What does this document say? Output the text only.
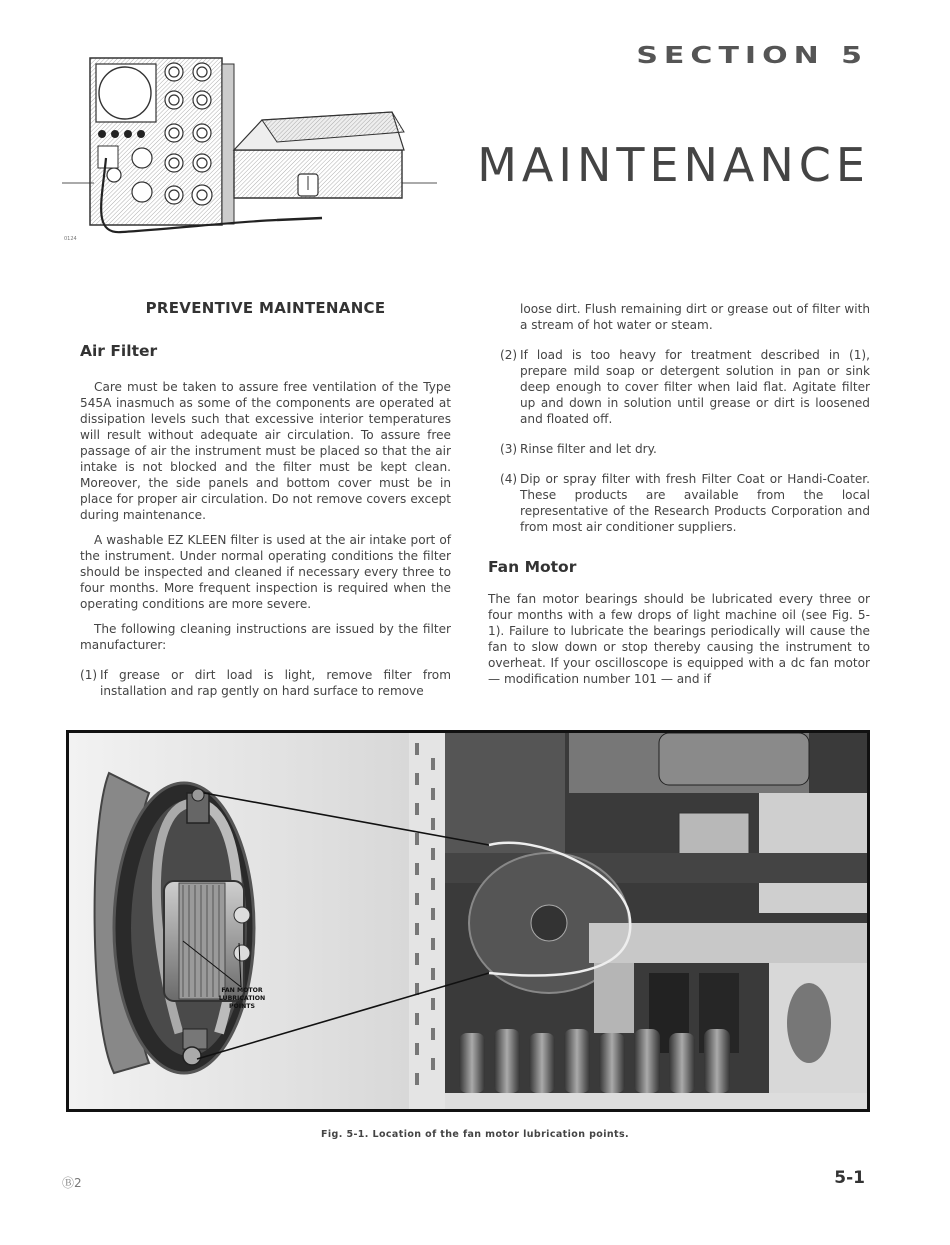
SECTION 5
MAINTENANCE
0124
PREVENTIVE MAINTENANCE
Air Filter

Care must be taken to assure free ventilation of the Type 545A inasmuch as some of the components are operated at dissipation levels such that excessive interior temperatures will result without adequate air circulation. To assure free passage of air the instrument must be placed so that the air intake is not blocked and the filter must be kept clean. Moreover, the side panels and bottom cover must be in place for proper air circulation. Do not remove covers except during maintenance.

A washable EZ KLEEN filter is used at the air intake port of the instrument. Under normal operating conditions the filter should be inspected and cleaned if necessary every three to four months. More frequent inspection is required when the operating conditions are more severe.

The following cleaning instructions are issued by the filter manufacturer:

(1) If grease or dirt load is light, remove filter from installation and rap gently on hard surface to remove
loose dirt. Flush remaining dirt or grease out of filter with a stream of hot water or steam.
(2) If load is too heavy for treatment described in (1), prepare mild soap or detergent solution in pan or sink deep enough to cover filter when laid flat. Agitate filter up and down in solution until grease or dirt is loosened and floated off.
(3) Rinse filter and let dry.
(4) Dip or spray filter with fresh Filter Coat or Handi-Coater. These products are available from the local representative of the Research Products Corporation and from most air conditioner suppliers.
Fan Motor

The fan motor bearings should be lubricated every three or four months with a few drops of light machine oil (see Fig. 5-1). Failure to lubricate the bearings periodically will cause the fan to slow down or stop thereby causing the instrument to overheat. If your oscilloscope is equipped with a dc fan motor — modification number 101 — and if

FAN MOTOR
LUBRICATION
POINTS
Fig. 5-1. Location of the fan motor lubrication points.
Ⓑ2	5-1
